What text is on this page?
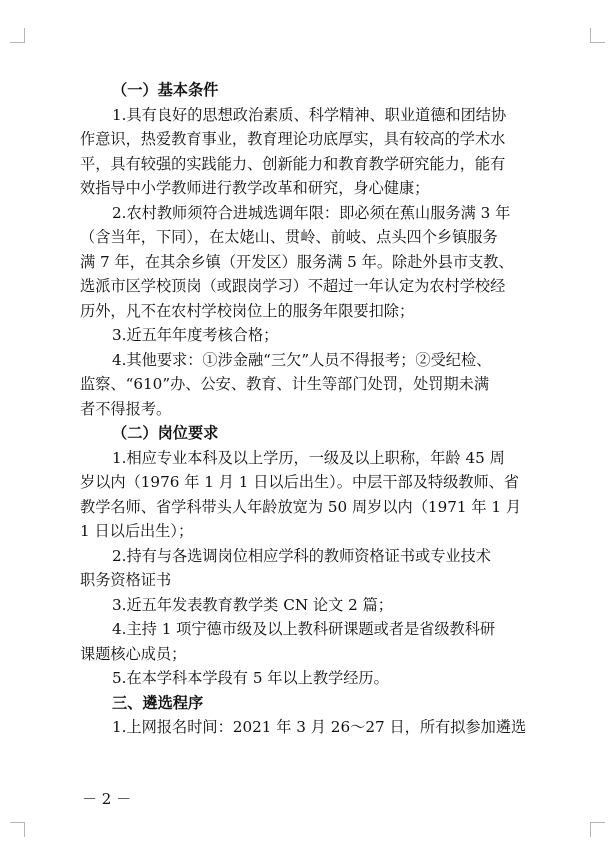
（一）基本条件
1.具有良好的思想政治素质、科学精神、职业道德和团结协
作意识，热爱教育事业，教育理论功底厚实，具有较高的学术水
平，具有较强的实践能力、创新能力和教育教学研究能力，能有
效指导中小学教师进行教学改革和研究，身心健康；
2.农村教师须符合进城选调年限：即必须在蕉山服务满 3 年
（含当年，下同），在太姥山、贯岭、前岐、点头四个乡镇服务
满 7 年，在其余乡镇（开发区）服务满 5 年。除赴外县市支教、
选派市区学校顶岗（或跟岗学习）不超过一年认定为农村学校经
历外，凡不在农村学校岗位上的服务年限要扣除；
3.近五年年度考核合格；
4.其他要求：①涉金融“三欠”人员不得报考；②受纪检、
监察、“610”办、公安、教育、计生等部门处罚，处罚期未满
者不得报考。
（二）岗位要求
1.相应专业本科及以上学历，一级及以上职称，年龄 45 周
岁以内（1976 年 1 月 1 日以后出生）。中层干部及特级教师、省
教学名师、省学科带头人年龄放宽为 50 周岁以内（1971 年 1 月
1 日以后出生）；
2.持有与各选调岗位相应学科的教师资格证书或专业技术
职务资格证书
3.近五年发表教育教学类 CN 论文 2 篇；
4.主持 1 项宁德市级及以上教科研课题或者是省级教科研
课题核心成员；
5.在本学科本学段有 5 年以上教学经历。
三、遴选程序
1.上网报名时间：2021 年 3 月 26～27 日，所有拟参加遴选
－ 2 －
